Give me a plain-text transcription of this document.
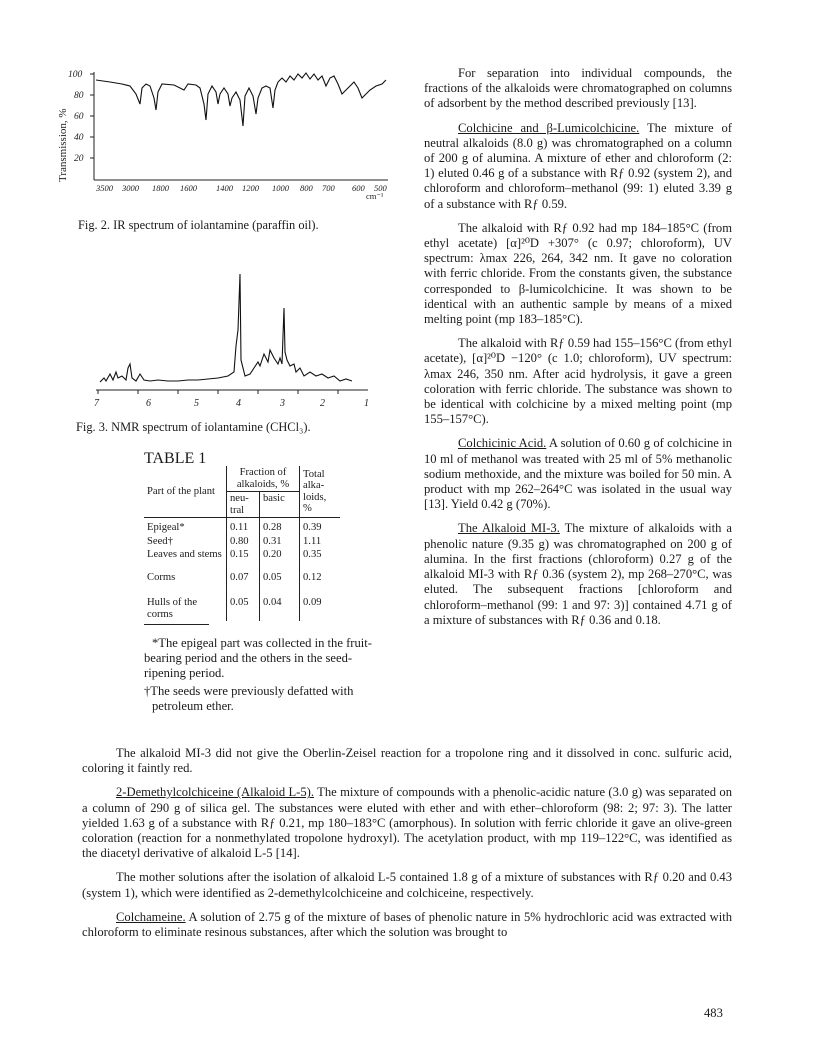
Transmission, %
100
80
60
40
20
3500 3000 1800 1600 1400 1200 1000 800 700 600 500
cm⁻¹
Fig. 2. IR spectrum of iolantamine (paraffin oil).
7	6	5	4	3	2	1
Fig. 3. NMR spectrum of iolantamine (CHCl₃).
TABLE 1
Part of the plant	Fraction of alkaloids, %		Total alka-loids, %
	neu-tral	basic	
Epigeal*	0.11	0.28	0.39
Seed†	0.80	0.31	1.11
Leaves and stems	0.15	0.20	0.35
Corms	0.07	0.05	0.12
Hulls of the corms	0.05	0.04	0.09
*The epigeal part was collected in the fruit-bearing period and the others in the seed-ripening period.
†The seeds were previously defatted with petroleum ether.

For separation into individual compounds, the fractions of the alkaloids were chromatographed on columns of adsorbent by the method described previously [13].

Colchicine and β-Lumicolchicine. The mixture of neutral alkaloids (8.0 g) was chromatographed on a column of 200 g of alumina. A mixture of ether and chloroform (2: 1) eluted 0.46 g of a substance with Rƒ 0.92 (system 2), and chloroform and chloroform–methanol (99: 1) eluted 3.39 g of a substance with Rƒ 0.59.

The alkaloid with Rƒ 0.92 had mp 184–185°C (from ethyl acetate) [α]²⁰D +307° (c 0.97; chloroform), UV spectrum: λmax 226, 264, 342 nm. It gave no coloration with ferric chloride. From the constants given, the substance corresponded to β-lumicolchicine. It was shown to be identical with an authentic sample by means of a mixed melting point (mp 183–185°C).

The alkaloid with Rƒ 0.59 had 155–156°C (from ethyl acetate), [α]²⁰D −120° (c 1.0; chloroform), UV spectrum: λmax 246, 350 nm. After acid hydrolysis, it gave a green coloration with ferric chloride. The substance was shown to be identical with colchicine by a mixed melting point (mp 155–157°C).

Colchicinic Acid. A solution of 0.60 g of colchicine in 10 ml of methanol was treated with 25 ml of 5% methanolic sodium methoxide, and the mixture was boiled for 50 min. A product with mp 262–264°C was isolated in the usual way [13]. Yield 0.42 g (70%).

The Alkaloid MI-3. The mixture of alkaloids with a phenolic nature (9.35 g) was chromatographed on 200 g of alumina. In the first fractions (chloroform) 0.27 g of the alkaloid MI-3 with Rƒ 0.36 (system 2), mp 268–270°C, was eluted. The subsequent fractions [chloroform and chloroform–methanol (99: 1 and 97: 3)] contained 4.71 g of a mixture of substances with Rƒ 0.36 and 0.18.

The alkaloid MI-3 did not give the Oberlin-Zeisel reaction for a tropolone ring and it dissolved in conc. sulfuric acid, coloring it faintly red.

2-Demethylcolchiceine (Alkaloid L-5). The mixture of compounds with a phenolic-acidic nature (3.0 g) was separated on a column of 290 g of silica gel. The substances were eluted with ether and with ether–chloroform (98: 2; 97: 3). The latter yielded 1.63 g of a substance with Rƒ 0.21, mp 180–183°C (amorphous). In solution with ferric chloride it gave an olive-green coloration (reaction for a nonmethylated tropolone hydroxyl). The acetylation product, with mp 119–122°C, was identified as the diacetyl derivative of alkaloid L-5 [14].

The mother solutions after the isolation of alkaloid L-5 contained 1.8 g of a mixture of substances with Rƒ 0.20 and 0.43 (system 1), which were identified as 2-demethylcolchiceine and colchiceine, respectively.

Colchameine. A solution of 2.75 g of the mixture of bases of phenolic nature in 5% hydrochloric acid was extracted with chloroform to eliminate resinous substances, after which the solution was brought to

483
